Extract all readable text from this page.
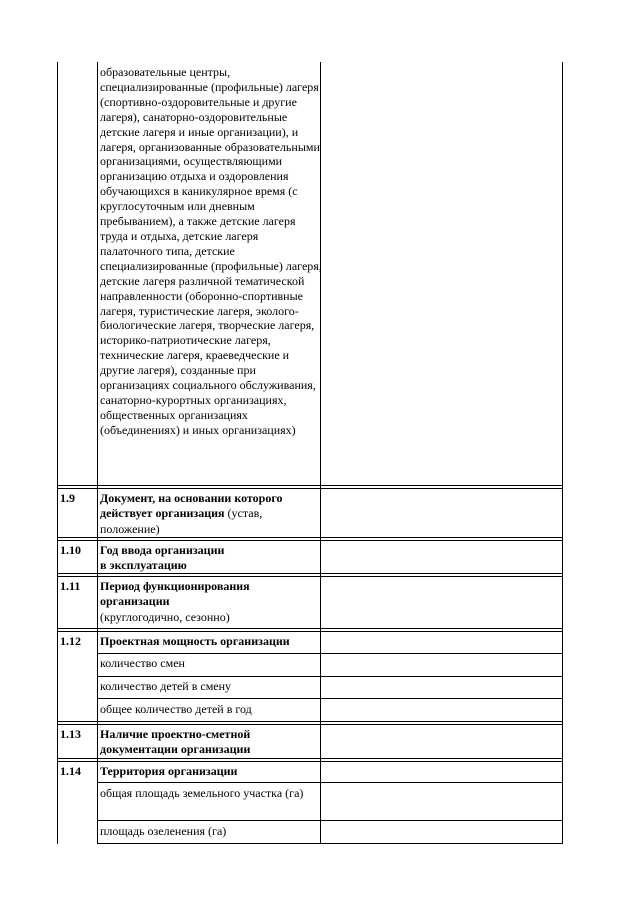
образовательные центры, специализированные (профильные) лагеря (спортивно-оздоровительные и другие лагеря), санаторно-оздоровительные детские лагеря и иные организации), и лагеря, организованные образовательными организациями, осуществляющими организацию отдыха и оздоровления обучающихся в каникулярное время (с круглосуточным или дневным пребыванием), а также детские лагеря труда и отдыха, детские лагеря палаточного типа, детские специализированные (профильные) лагеря, детские лагеря различной тематической направленности (оборонно-спортивные лагеря, туристические лагеря, эколого-биологические лагеря, творческие лагеря, историко-патриотические лагеря, технические лагеря, краеведческие и другие лагеря), созданные при организациях социального обслуживания, санаторно-курортных организациях, общественных организациях (объединениях) и иных организациях)
1.9 Документ, на основании которого действует организация (устав, положение)
1.10 Год ввода организации
в эксплуатацию
1.11 Период функционирования организации
(круглогодично, сезонно)
1.12 Проектная мощность организации
количество смен
количество детей в смену
общее количество детей в год
1.13 Наличие проектно-сметной документации организации
1.14 Территория организации
общая площадь земельного участка (га)
площадь озеленения (га)
